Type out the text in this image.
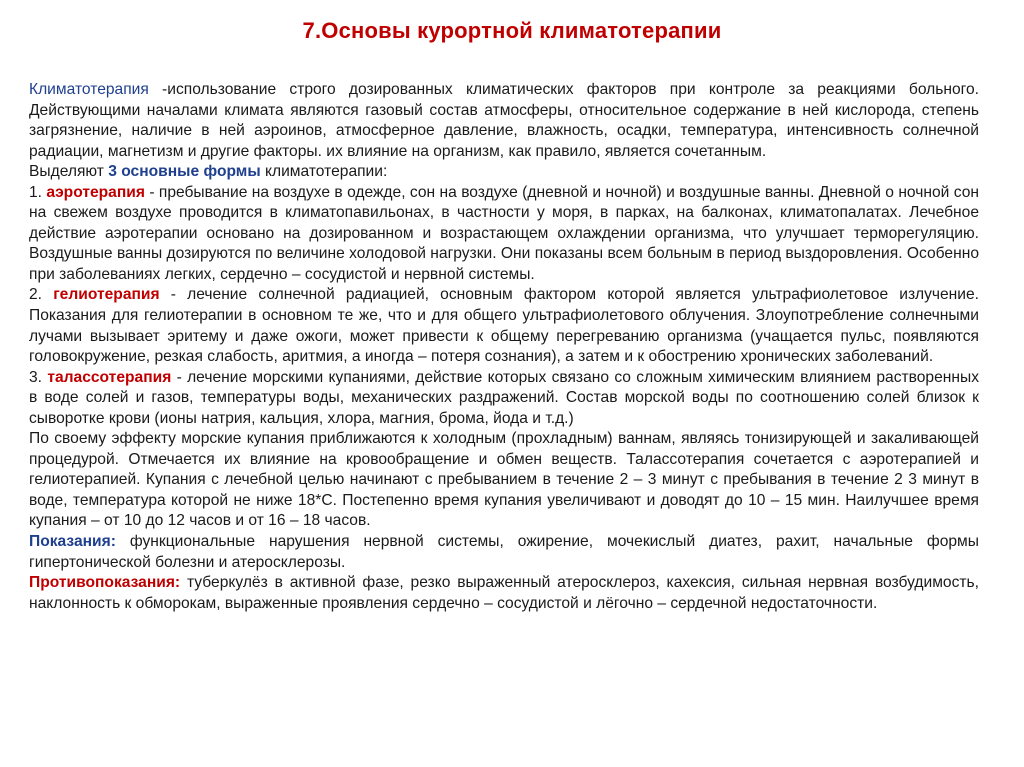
7.Основы курортной климатотерапии

Климатотерапия -использование строго дозированных климатических факторов при контроле за реакциями больного. Действующими началами климата являются газовый состав атмосферы, относительное содержание в ней кислорода, степень загрязнение, наличие в ней аэроинов, атмосферное давление, влажность, осадки, температура, интенсивность солнечной радиации, магнетизм и другие факторы. их влияние на организм, как правило, является сочетанным.

Выделяют 3 основные формы климатотерапии:

1. аэротерапия - пребывание на воздухе в одежде, сон на воздухе (дневной и ночной) и воздушные ванны. Дневной о ночной сон на свежем воздухе проводится в климатопавильонах, в частности у моря, в парках, на балконах, климатопалатах. Лечебное действие аэротерапии основано на дозированном и возрастающем охлаждении организма, что улучшает терморегуляцию. Воздушные ванны дозируются по величине холодовой нагрузки. Они показаны всем больным в период выздоровления. Особенно при заболеваниях легких, сердечно – сосудистой и нервной системы.

2. гелиотерапия - лечение солнечной радиацией, основным фактором которой является ультрафиолетовое излучение. Показания для гелиотерапии в основном те же, что и для общего ультрафиолетового облучения. Злоупотребление солнечными лучами вызывает эритему и даже ожоги, может привести к общему перегреванию организма (учащается пульс, появляются головокружение, резкая слабость, аритмия, а иногда – потеря сознания), а затем и к обострению хронических заболеваний.

3. талассотерапия - лечение морскими купаниями, действие которых связано со сложным химическим влиянием растворенных в воде солей и газов, температуры воды, механических раздражений. Состав морской воды по соотношению солей близок к сыворотке крови (ионы натрия, кальция, хлора, магния, брома, йода и т.д.)

По своему эффекту морские купания приближаются к холодным (прохладным) ваннам, являясь тонизирующей и закаливающей процедурой. Отмечается их влияние на кровообращение и обмен веществ. Талассотерапия сочетается с аэротерапией и гелиотерапией. Купания с лечебной целью начинают с пребыванием в течение 2 – 3 минут с пребывания в течение 2 3 минут в воде, температура которой не ниже 18*С. Постепенно время купания увеличивают и доводят до 10 – 15 мин. Наилучшее время купания – от 10 до 12 часов и от 16 – 18 часов.

Показания: функциональные нарушения нервной системы, ожирение, мочекислый диатез, рахит, начальные формы гипертонической болезни и атеросклерозы.

Противопоказания: туберкулёз в активной фазе, резко выраженный атеросклероз, кахексия, сильная нервная возбудимость, наклонность к обморокам, выраженные проявления сердечно – сосудистой и лёгочно – сердечной недостаточности.
